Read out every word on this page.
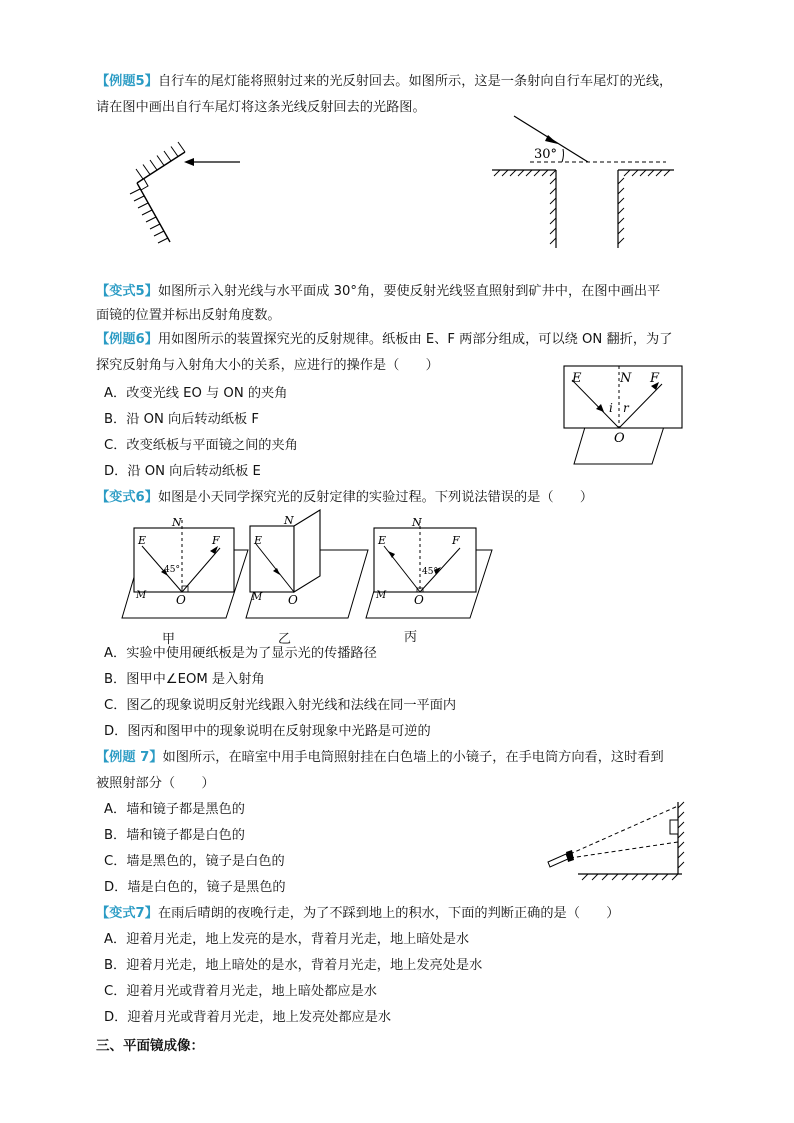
【例题5】自行车的尾灯能将照射过来的光反射回去。如图所示，这是一条射向自行车尾灯的光线，
请在图中画出自行车尾灯将这条光线反射回去的光路图。
30°
【变式5】如图所示入射光线与水平面成 30°角，要使反射光线竖直照射到矿井中，在图中画出平
面镜的位置并标出反射角度数。
【例题6】用如图所示的装置探究光的反射规律。纸板由 E、F 两部分组成，可以绕 ON 翻折，为了
探究反射角与入射角大小的关系，应进行的操作是（　　）
A．改变光线 EO 与 ON 的夹角
B．沿 ON 向后转动纸板 F
C．改变纸板与平面镜之间的夹角
D．沿 ON 向后转动纸板 E
E	N F
i r
O
【变式6】如图是小天同学探究光的反射定律的实验过程。下列说法错误的是（　　）
N
E	F
45°
O
M
N
E
O
M
N
E	F
45°
O
M
甲	乙	丙
A．实验中使用硬纸板是为了显示光的传播路径
B．图甲中∠EOM 是入射角
C．图乙的现象说明反射光线跟入射光线和法线在同一平面内
D．图丙和图甲中的现象说明在反射现象中光路是可逆的
【例题 7】如图所示，在暗室中用手电筒照射挂在白色墙上的小镜子，在手电筒方向看，这时看到
被照射部分（　　）
A．墙和镜子都是黑色的
B．墙和镜子都是白色的
C．墙是黑色的，镜子是白色的
D．墙是白色的，镜子是黑色的
【变式7】在雨后晴朗的夜晚行走，为了不踩到地上的积水，下面的判断正确的是（　　）
A．迎着月光走，地上发亮的是水，背着月光走，地上暗处是水
B．迎着月光走，地上暗处的是水，背着月光走，地上发亮处是水
C．迎着月光或背着月光走，地上暗处都应是水
D．迎着月光或背着月光走，地上发亮处都应是水
三、平面镜成像：
